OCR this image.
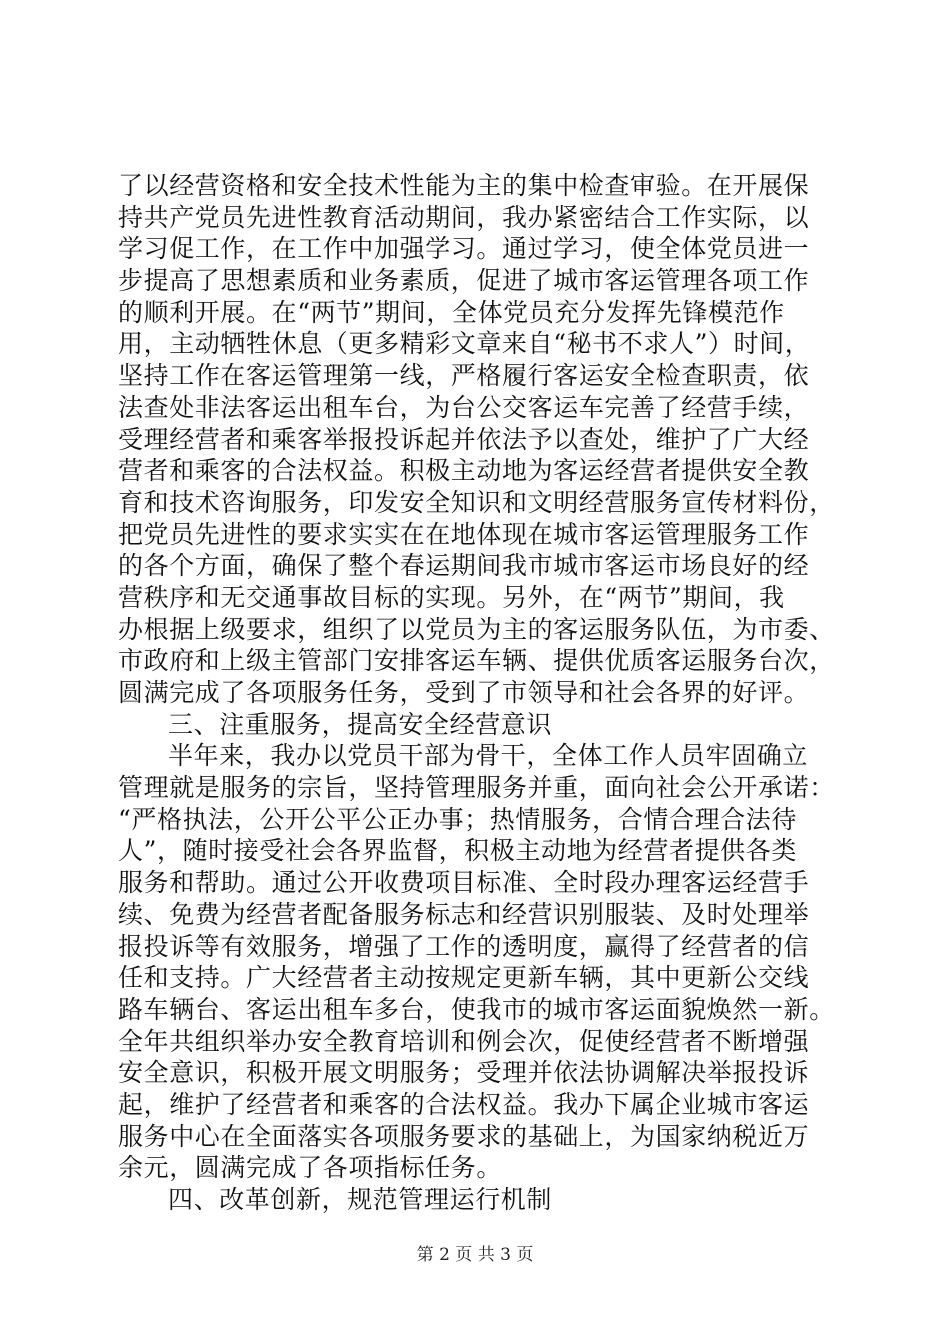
了以经营资格和安全技术性能为主的集中检查审验。在开展保
持共产党员先进性教育活动期间，我办紧密结合工作实际，以
学习促工作，在工作中加强学习。通过学习，使全体党员进一
步提高了思想素质和业务素质，促进了城市客运管理各项工作
的顺利开展。在“两节”期间，全体党员充分发挥先锋模范作
用，主动牺牲休息（更多精彩文章来自“秘书不求人”）时间，
坚持工作在客运管理第一线，严格履行客运安全检查职责，依
法查处非法客运出租车台，为台公交客运车完善了经营手续，
受理经营者和乘客举报投诉起并依法予以查处，维护了广大经
营者和乘客的合法权益。积极主动地为客运经营者提供安全教
育和技术咨询服务，印发安全知识和文明经营服务宣传材料份，
把党员先进性的要求实实在在地体现在城市客运管理服务工作
的各个方面，确保了整个春运期间我市城市客运市场良好的经
营秩序和无交通事故目标的实现。另外，在“两节”期间，我
办根据上级要求，组织了以党员为主的客运服务队伍，为市委、
市政府和上级主管部门安排客运车辆、提供优质客运服务台次，
圆满完成了各项服务任务，受到了市领导和社会各界的好评。
三、注重服务，提高安全经营意识
半年来，我办以党员干部为骨干，全体工作人员牢固确立
管理就是服务的宗旨，坚持管理服务并重，面向社会公开承诺：
“严格执法，公开公平公正办事；热情服务，合情合理合法待
人”，随时接受社会各界监督，积极主动地为经营者提供各类
服务和帮助。通过公开收费项目标准、全时段办理客运经营手
续、免费为经营者配备服务标志和经营识别服装、及时处理举
报投诉等有效服务，增强了工作的透明度，赢得了经营者的信
任和支持。广大经营者主动按规定更新车辆，其中更新公交线
路车辆台、客运出租车多台，使我市的城市客运面貌焕然一新。
全年共组织举办安全教育培训和例会次，促使经营者不断增强
安全意识，积极开展文明服务；受理并依法协调解决举报投诉
起，维护了经营者和乘客的合法权益。我办下属企业城市客运
服务中心在全面落实各项服务要求的基础上，为国家纳税近万
余元，圆满完成了各项指标任务。
四、改革创新，规范管理运行机制
第 2 页 共 3 页
